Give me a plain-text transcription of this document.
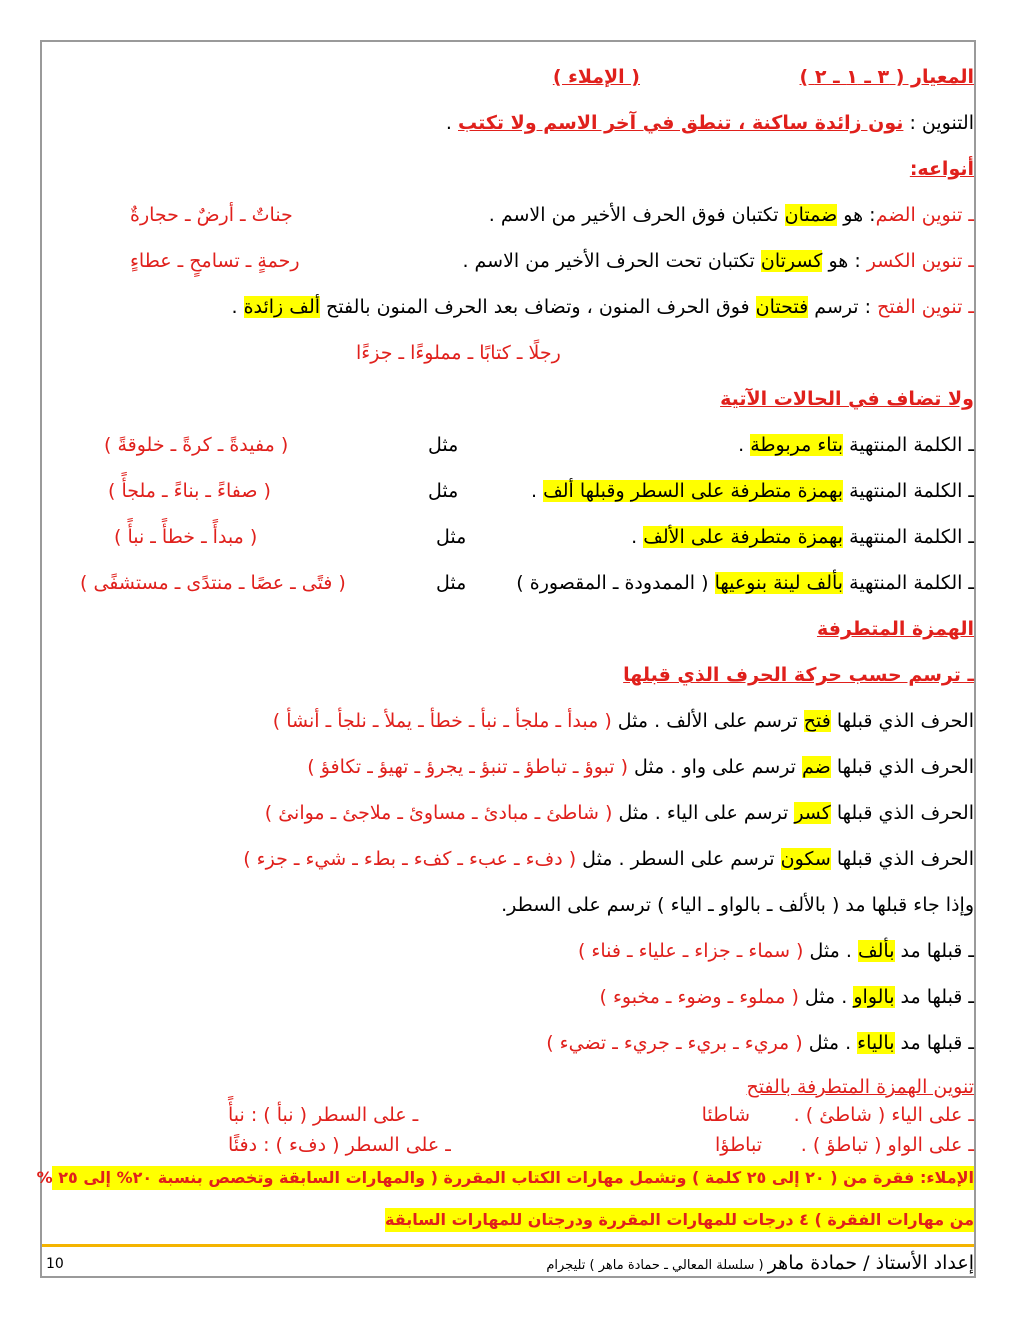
المعيار ( ٣ ـ ١ ـ ٢ )
( الإملاء )
التنوين : نون زائدة ساكنة ، تنطق في آخر الاسم ولا تكتب .
أنواعه:
ـ تنوين الضم: هو ضمتان تكتبان فوق الحرف الأخير من الاسم .
جناتٌ ـ أرضٌ ـ حجارةٌ
ـ تنوين الكسر : هو كسرتان تكتبان تحت الحرف الأخير من الاسم .
رحمةٍ ـ تسامحٍ ـ عطاءٍ
ـ تنوين الفتح : ترسم فتحتان فوق الحرف المنون ، وتضاف بعد الحرف المنون بالفتح ألف زائدة .
رجلًا ـ كتابًا ـ مملوءًا ـ جزءًا
ولا تضاف في الحالات الآتية
ـ الكلمة المنتهية بتاء مربوطة .
مثل
( مفيدةً ـ كرةً ـ خلوقةً )
ـ الكلمة المنتهية بهمزة متطرفة على السطر وقبلها ألف .
مثل
( صفاءً ـ بناءً ـ ملجأً )
ـ الكلمة المنتهية بهمزة متطرفة على الألف .
مثل
( مبدأً ـ خطأً ـ نبأً )
ـ الكلمة المنتهية بألف لينة بنوعيها ( الممدودة ـ المقصورة )
مثل
( فتًى ـ عصًا ـ منتدًى ـ مستشفًى )
الهمزة المتطرفة
ـ ترسم حسب حركة الحرف الذي قبلها
الحرف الذي قبلها فتح ترسم على الألف . مثل ( مبدأ ـ ملجأ ـ نبأ ـ خطأ ـ يملأ ـ نلجأ ـ أنشأ )
الحرف الذي قبلها ضم ترسم على واو . مثل ( تبوؤ ـ تباطؤ ـ تنبؤ ـ يجرؤ ـ تهيؤ ـ تكافؤ )
الحرف الذي قبلها كسر ترسم على الياء . مثل ( شاطئ ـ مبادئ ـ مساوئ ـ ملاجئ ـ موانئ )
الحرف الذي قبلها سكون ترسم على السطر . مثل ( دفء ـ عبء ـ كفء ـ بطء ـ شيء ـ جزء )
وإذا جاء قبلها مد ( بالألف ـ بالواو ـ الياء ) ترسم على السطر.
ـ قبلها مد بألف . مثل ( سماء ـ جزاء ـ علياء ـ فناء )
ـ قبلها مد بالواو . مثل ( مملوء ـ وضوء ـ مخبوء )
ـ قبلها مد بالياء . مثل ( مريء ـ بريء ـ جريء ـ تضيء )
تنوين الهمزة المتطرفة بالفتح
ـ على الياء ( شاطئ ) .
شاطئا
ـ على السطر ( نبأ ) : نبأً
ـ على الواو ( تباطؤ ) .
تباطؤا
ـ على السطر ( دفء ) : دفئًا
الإملاء: فقرة من ( ٢٠ إلى ٢٥ كلمة ) وتشمل مهارات الكتاب المقررة ( والمهارات السابقة وتخصص بنسبة ٢٠% إلى ٢٥ %
من مهارات الفقرة ) ٤ درجات للمهارات المقررة ودرجتان للمهارات السابقة
إعداد الأستاذ / حمادة ماهر ( سلسلة المعالي ـ حمادة ماهر ) تليجرام
10
